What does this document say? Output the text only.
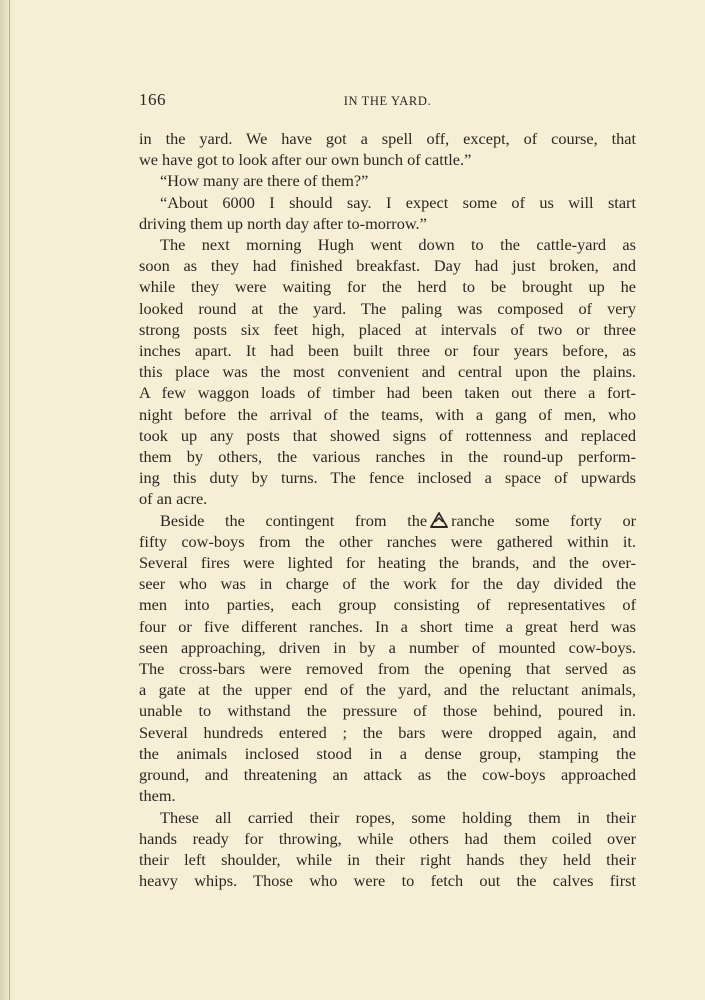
166	IN THE YARD.
in the yard. We have got a spell off, except, of course, that
we have got to look after our own bunch of cattle.”
“How many are there of them?”
“About 6000 I should say. I expect some of us will start
driving them up north day after to-morrow.”
The next morning Hugh went down to the cattle-yard as
soon as they had finished breakfast. Day had just broken, and
while they were waiting for the herd to be brought up he
looked round at the yard. The paling was composed of very
strong posts six feet high, placed at intervals of two or three
inches apart. It had been built three or four years before, as
this place was the most convenient and central upon the plains.
A few waggon loads of timber had been taken out there a fort-
night before the arrival of the teams, with a gang of men, who
took up any posts that showed signs of rottenness and replaced
them by others, the various ranches in the round-up perform-
ing this duty by turns. The fence inclosed a space of upwards
of an acre.
Beside the contingent from the ranche some forty or
fifty cow-boys from the other ranches were gathered within it.
Several fires were lighted for heating the brands, and the over-
seer who was in charge of the work for the day divided the
men into parties, each group consisting of representatives of
four or five different ranches. In a short time a great herd was
seen approaching, driven in by a number of mounted cow-boys.
The cross-bars were removed from the opening that served as
a gate at the upper end of the yard, and the reluctant animals,
unable to withstand the pressure of those behind, poured in.
Several hundreds entered ; the bars were dropped again, and
the animals inclosed stood in a dense group, stamping the
ground, and threatening an attack as the cow-boys approached
them.
These all carried their ropes, some holding them in their
hands ready for throwing, while others had them coiled over
their left shoulder, while in their right hands they held their
heavy whips. Those who were to fetch out the calves first
